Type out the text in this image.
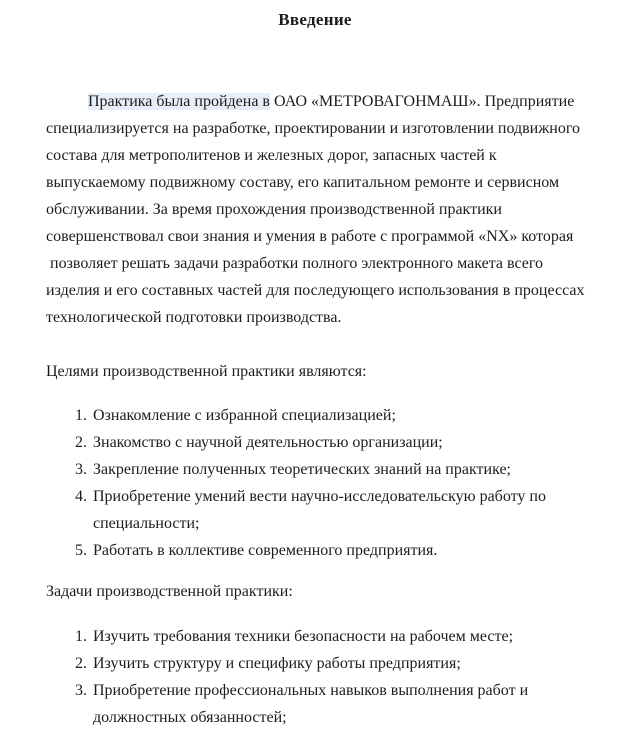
Введение
Практика была пройдена в ОАО «МЕТРОВАГОНМАШ». Предприятие
специализируется на разработке, проектировании и изготовлении подвижного
состава для метрополитенов и железных дорог, запасных частей к
выпускаемому подвижному составу, его капитальном ремонте и сервисном
обслуживании. За время прохождения производственной практики
совершенствовал свои знания и умения в работе с программой «NX» которая
позволяет решать задачи разработки полного электронного макета всего
изделия и его составных частей для последующего использования в процессах
технологической подготовки производства.
Целями производственной практики являются:
1. Ознакомление с избранной специализацией;
2. Знакомство с научной деятельностью организации;
3. Закрепление полученных теоретических знаний на практике;
4. Приобретение умений вести научно-исследовательскую работу по
специальности;
5. Работать в коллективе современного предприятия.
Задачи производственной практики:
1. Изучить требования техники безопасности на рабочем месте;
2. Изучить структуру и специфику работы предприятия;
3. Приобретение профессиональных навыков выполнения работ и
должностных обязанностей;
